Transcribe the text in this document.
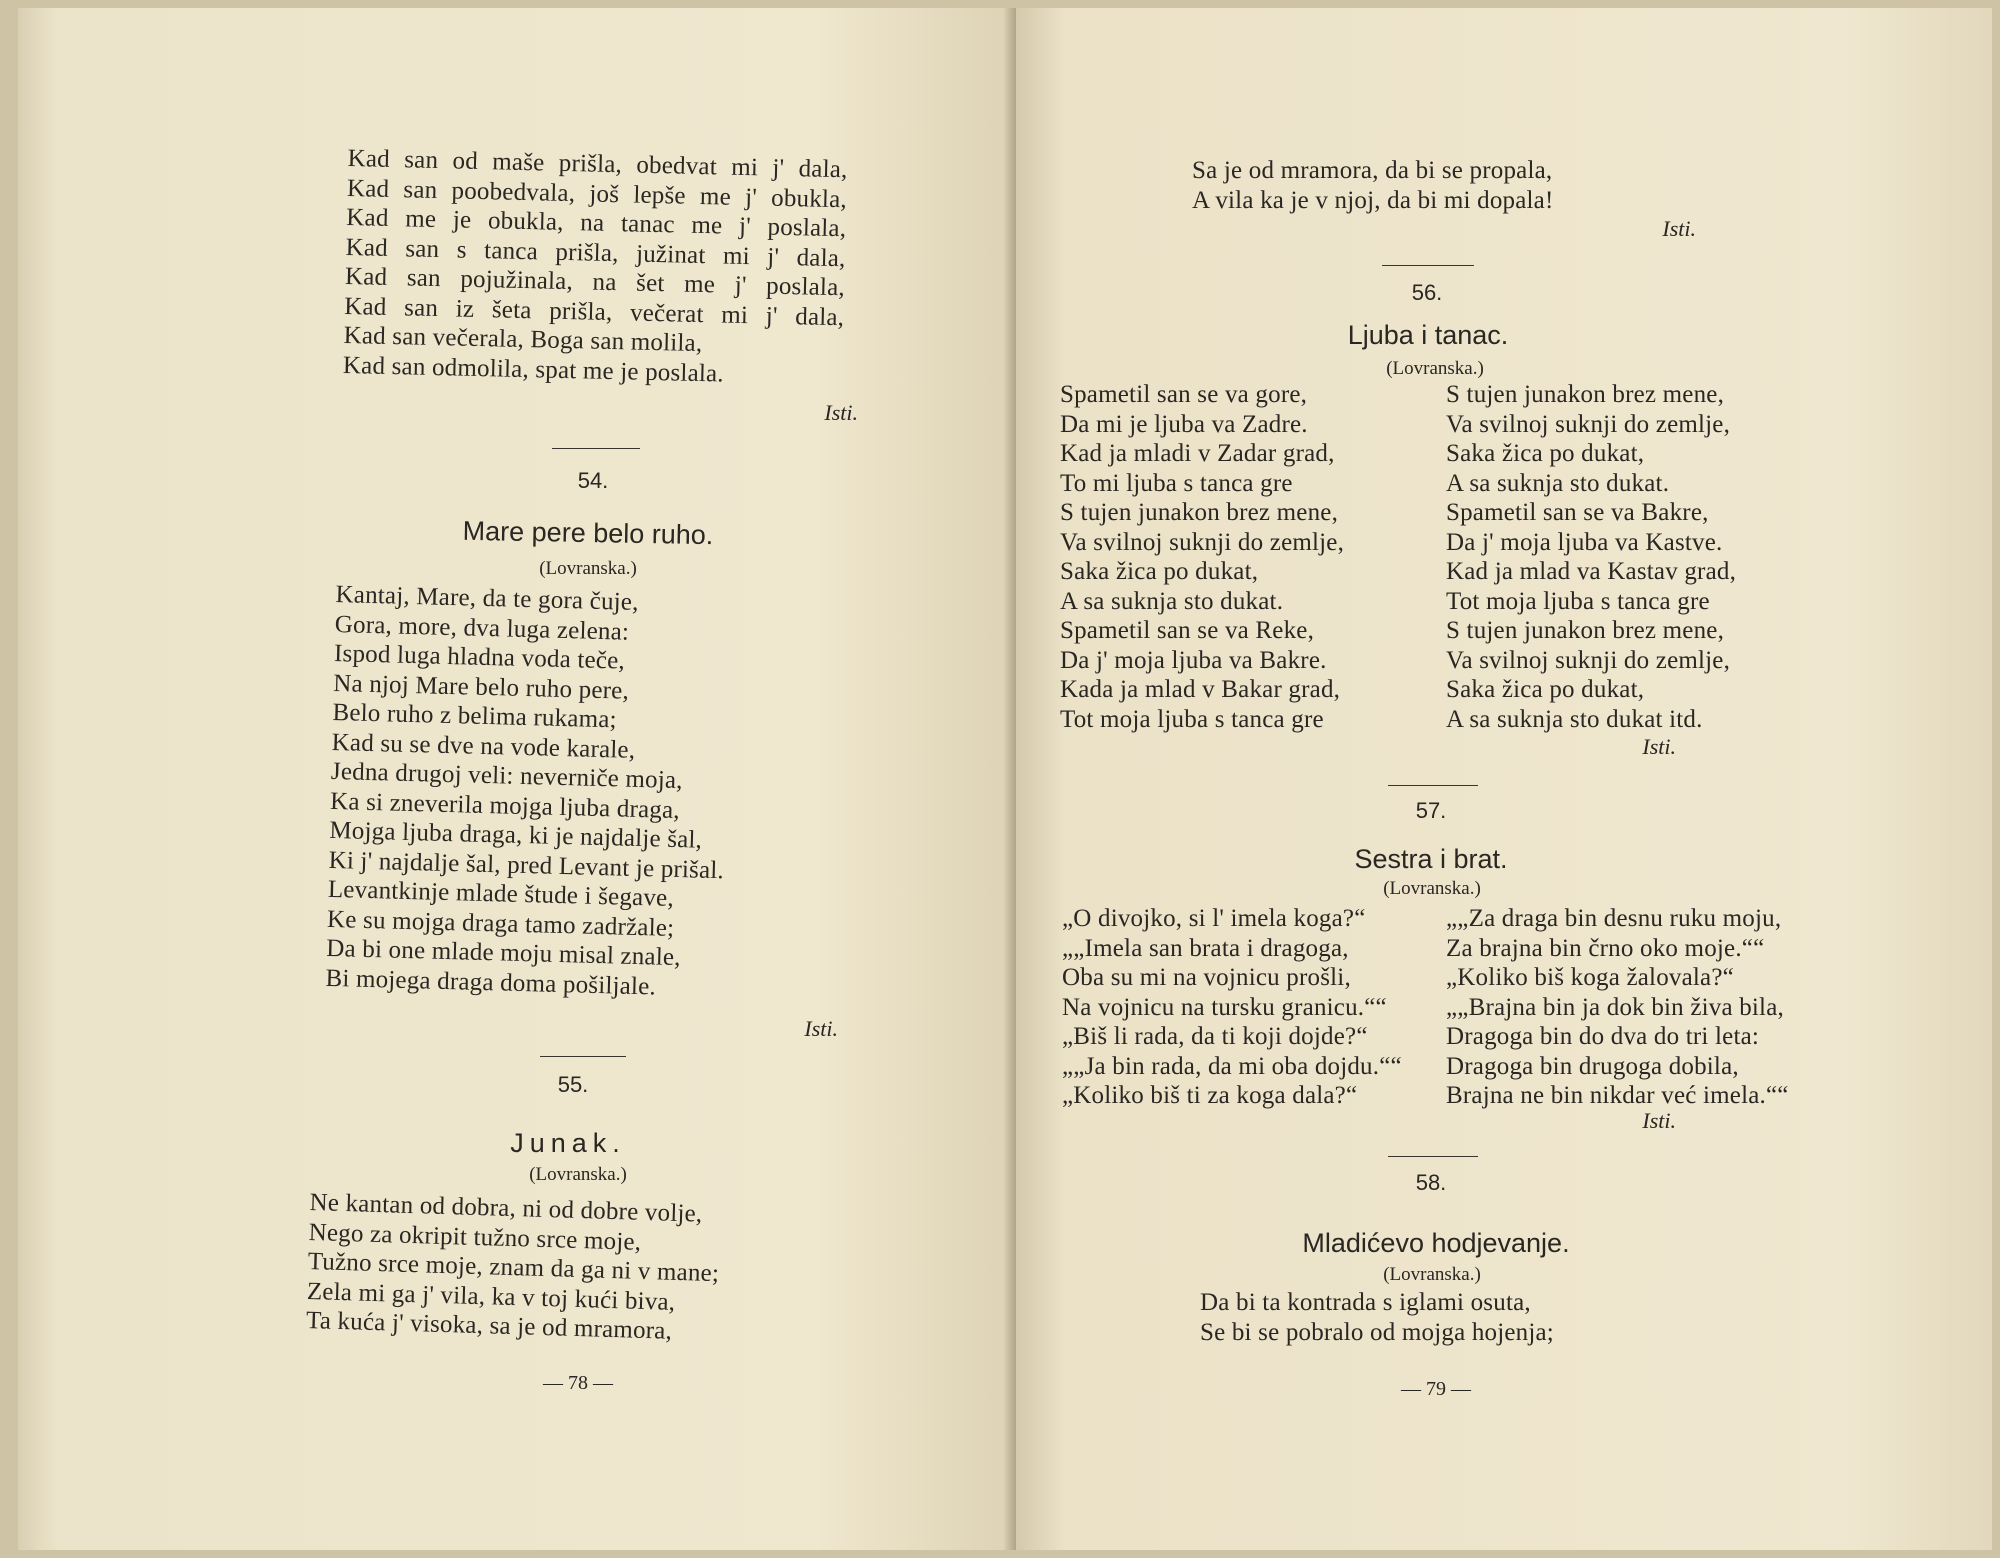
Kad san od maše prišla, obedvat mi j' dala,
Kad san poobedvala, još lepše me j' obukla,
Kad me je obukla, na tanac me j' poslala,
Kad san s tanca prišla, južinat mi j' dala,
Kad san pojužinala, na šet me j' poslala,
Kad san iz šeta prišla, večerat mi j' dala,
Kad san večerala, Boga san molila,
Kad san odmolila, spat me je poslala.
Isti.
54.
Mare pere belo ruho.
(Lovranska.)
Kantaj, Mare, da te gora čuje,
Gora, more, dva luga zelena:
Ispod luga hladna voda teče,
Na njoj Mare belo ruho pere,
Belo ruho z belima rukama;
Kad su se dve na vode karale,
Jedna drugoj veli: neverniče moja,
Ka si zneverila mojga ljuba draga,
Mojga ljuba draga, ki je najdalje šal,
Ki j' najdalje šal, pred Levant je prišal.
Levantkinje mlade štude i šegave,
Ke su mojga draga tamo zadržale;
Da bi one mlade moju misal znale,
Bi mojega draga doma pošiljale.
Isti.
55.
Junak.
(Lovranska.)
Ne kantan od dobra, ni od dobre volje,
Nego za okripit tužno srce moje,
Tužno srce moje, znam da ga ni v mane;
Zela mi ga j' vila, ka v toj kući biva,
Ta kuća j' visoka, sa je od mramora,
— 78 —
Sa je od mramora, da bi se propala,
A vila ka je v njoj, da bi mi dopala!
Isti.
56.
Ljuba i tanac.
(Lovranska.)
Spametil san se va gore,
Da mi je ljuba va Zadre.
Kad ja mladi v Zadar grad,
To mi ljuba s tanca gre
S tujen junakon brez mene,
Va svilnoj suknji do zemlje,
Saka žica po dukat,
A sa suknja sto dukat.
Spametil san se va Reke,
Da j' moja ljuba va Bakre.
Kada ja mlad v Bakar grad,
Tot moja ljuba s tanca gre
S tujen junakon brez mene,
Va svilnoj suknji do zemlje,
Saka žica po dukat,
A sa suknja sto dukat.
Spametil san se va Bakre,
Da j' moja ljuba va Kastve.
Kad ja mlad va Kastav grad,
Tot moja ljuba s tanca gre
S tujen junakon brez mene,
Va svilnoj suknji do zemlje,
Saka žica po dukat,
A sa suknja sto dukat itd.
Isti.
57.
Sestra i brat.
(Lovranska.)
„O divojko, si l' imela koga?“
„„Imela san brata i dragoga,
Oba su mi na vojnicu prošli,
Na vojnicu na tursku granicu.““
„Biš li rada, da ti koji dojde?“
„„Ja bin rada, da mi oba dojdu.““
„Koliko biš ti za koga dala?“
„„Za draga bin desnu ruku moju,
Za brajna bin črno oko moje.““
„Koliko biš koga žalovala?“
„„Brajna bin ja dok bin živa bila,
Dragoga bin do dva do tri leta:
Dragoga bin drugoga dobila,
Brajna ne bin nikdar već imela.““
Isti.
58.
Mladićevo hodjevanje.
(Lovranska.)
Da bi ta kontrada s iglami osuta,
Se bi se pobralo od mojga hojenja;
— 79 —
